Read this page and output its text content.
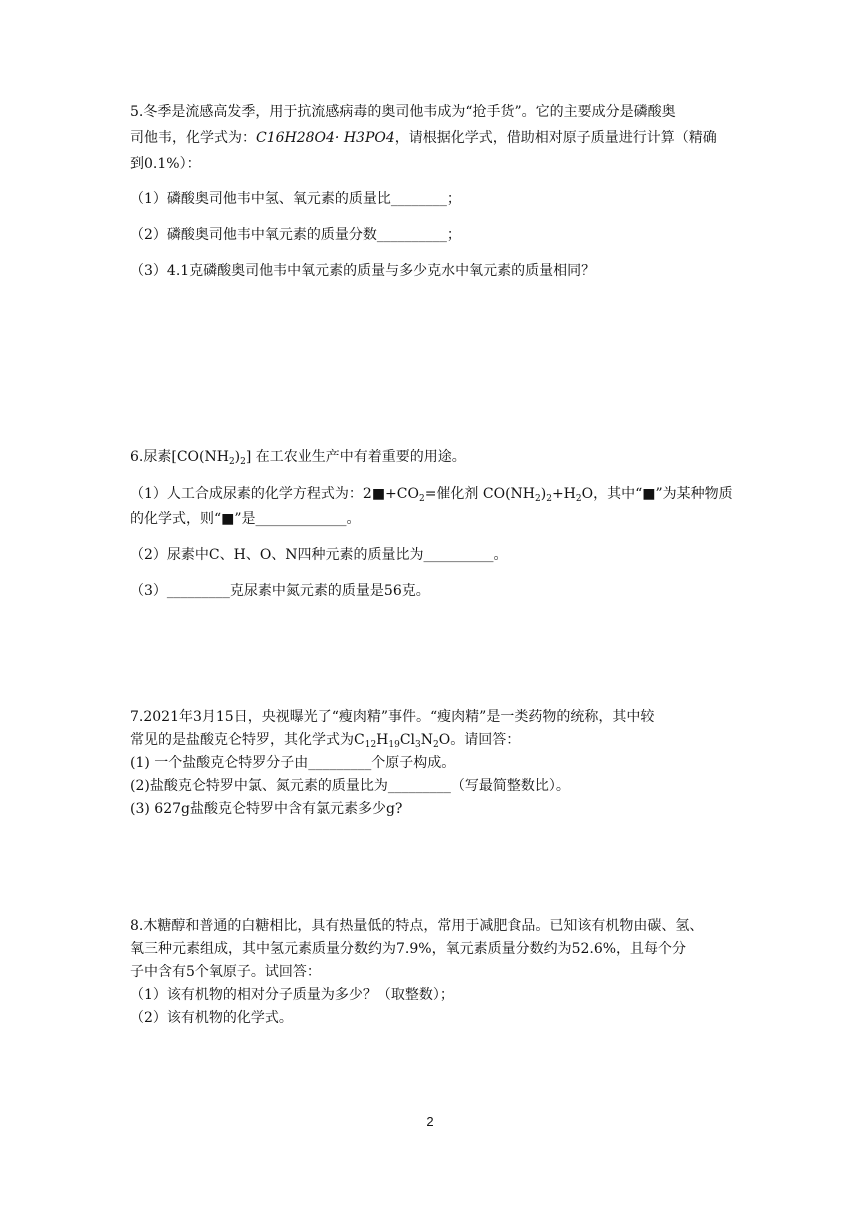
5.冬季是流感高发季，用于抗流感病毒的奥司他韦成为“抢手货”。它的主要成分是磷酸奥
司他韦，化学式为：C16H28O4· H3PO4，请根据化学式，借助相对原子质量进行计算（精确
到0.1%）：
（1）磷酸奥司他韦中氢、氧元素的质量比________；
（2）磷酸奥司他韦中氧元素的质量分数__________；
（3）4.1克磷酸奥司他韦中氧元素的质量与多少克水中氧元素的质量相同？
6.尿素$[CO(NH_2)_2]$ 在工农业生产中有着重要的用途。
（1）人工合成尿素的化学方程式为：$2■+CO_2=$催化剂 $CO(NH_2)_2+H_2O$，其中“■”为某种物质
的化学式，则“■”是_____________。
（2）尿素中C、H、O、N四种元素的质量比为__________。
（3）_________克尿素中氮元素的质量是56克。
7.2021年3月15日，央视曝光了“瘦肉精”事件。“瘦肉精”是一类药物的统称，其中较
常见的是盐酸克仑特罗，其化学式为$C_{12}H_{19}Cl_3N_2O$。请回答：
(1) 一个盐酸克仑特罗分子由_________个原子构成。
(2)盐酸克仑特罗中氯、氮元素的质量比为_________（写最简整数比）。
(3) 627g盐酸克仑特罗中含有氯元素多少g?
8.木糖醇和普通的白糖相比，具有热量低的特点，常用于减肥食品。已知该有机物由碳、氢、
氧三种元素组成，其中氢元素质量分数约为7.9%，氧元素质量分数约为52.6%，且每个分
子中含有5个氧原子。试回答：
（1）该有机物的相对分子质量为多少？（取整数）；
（2）该有机物的化学式。
2
